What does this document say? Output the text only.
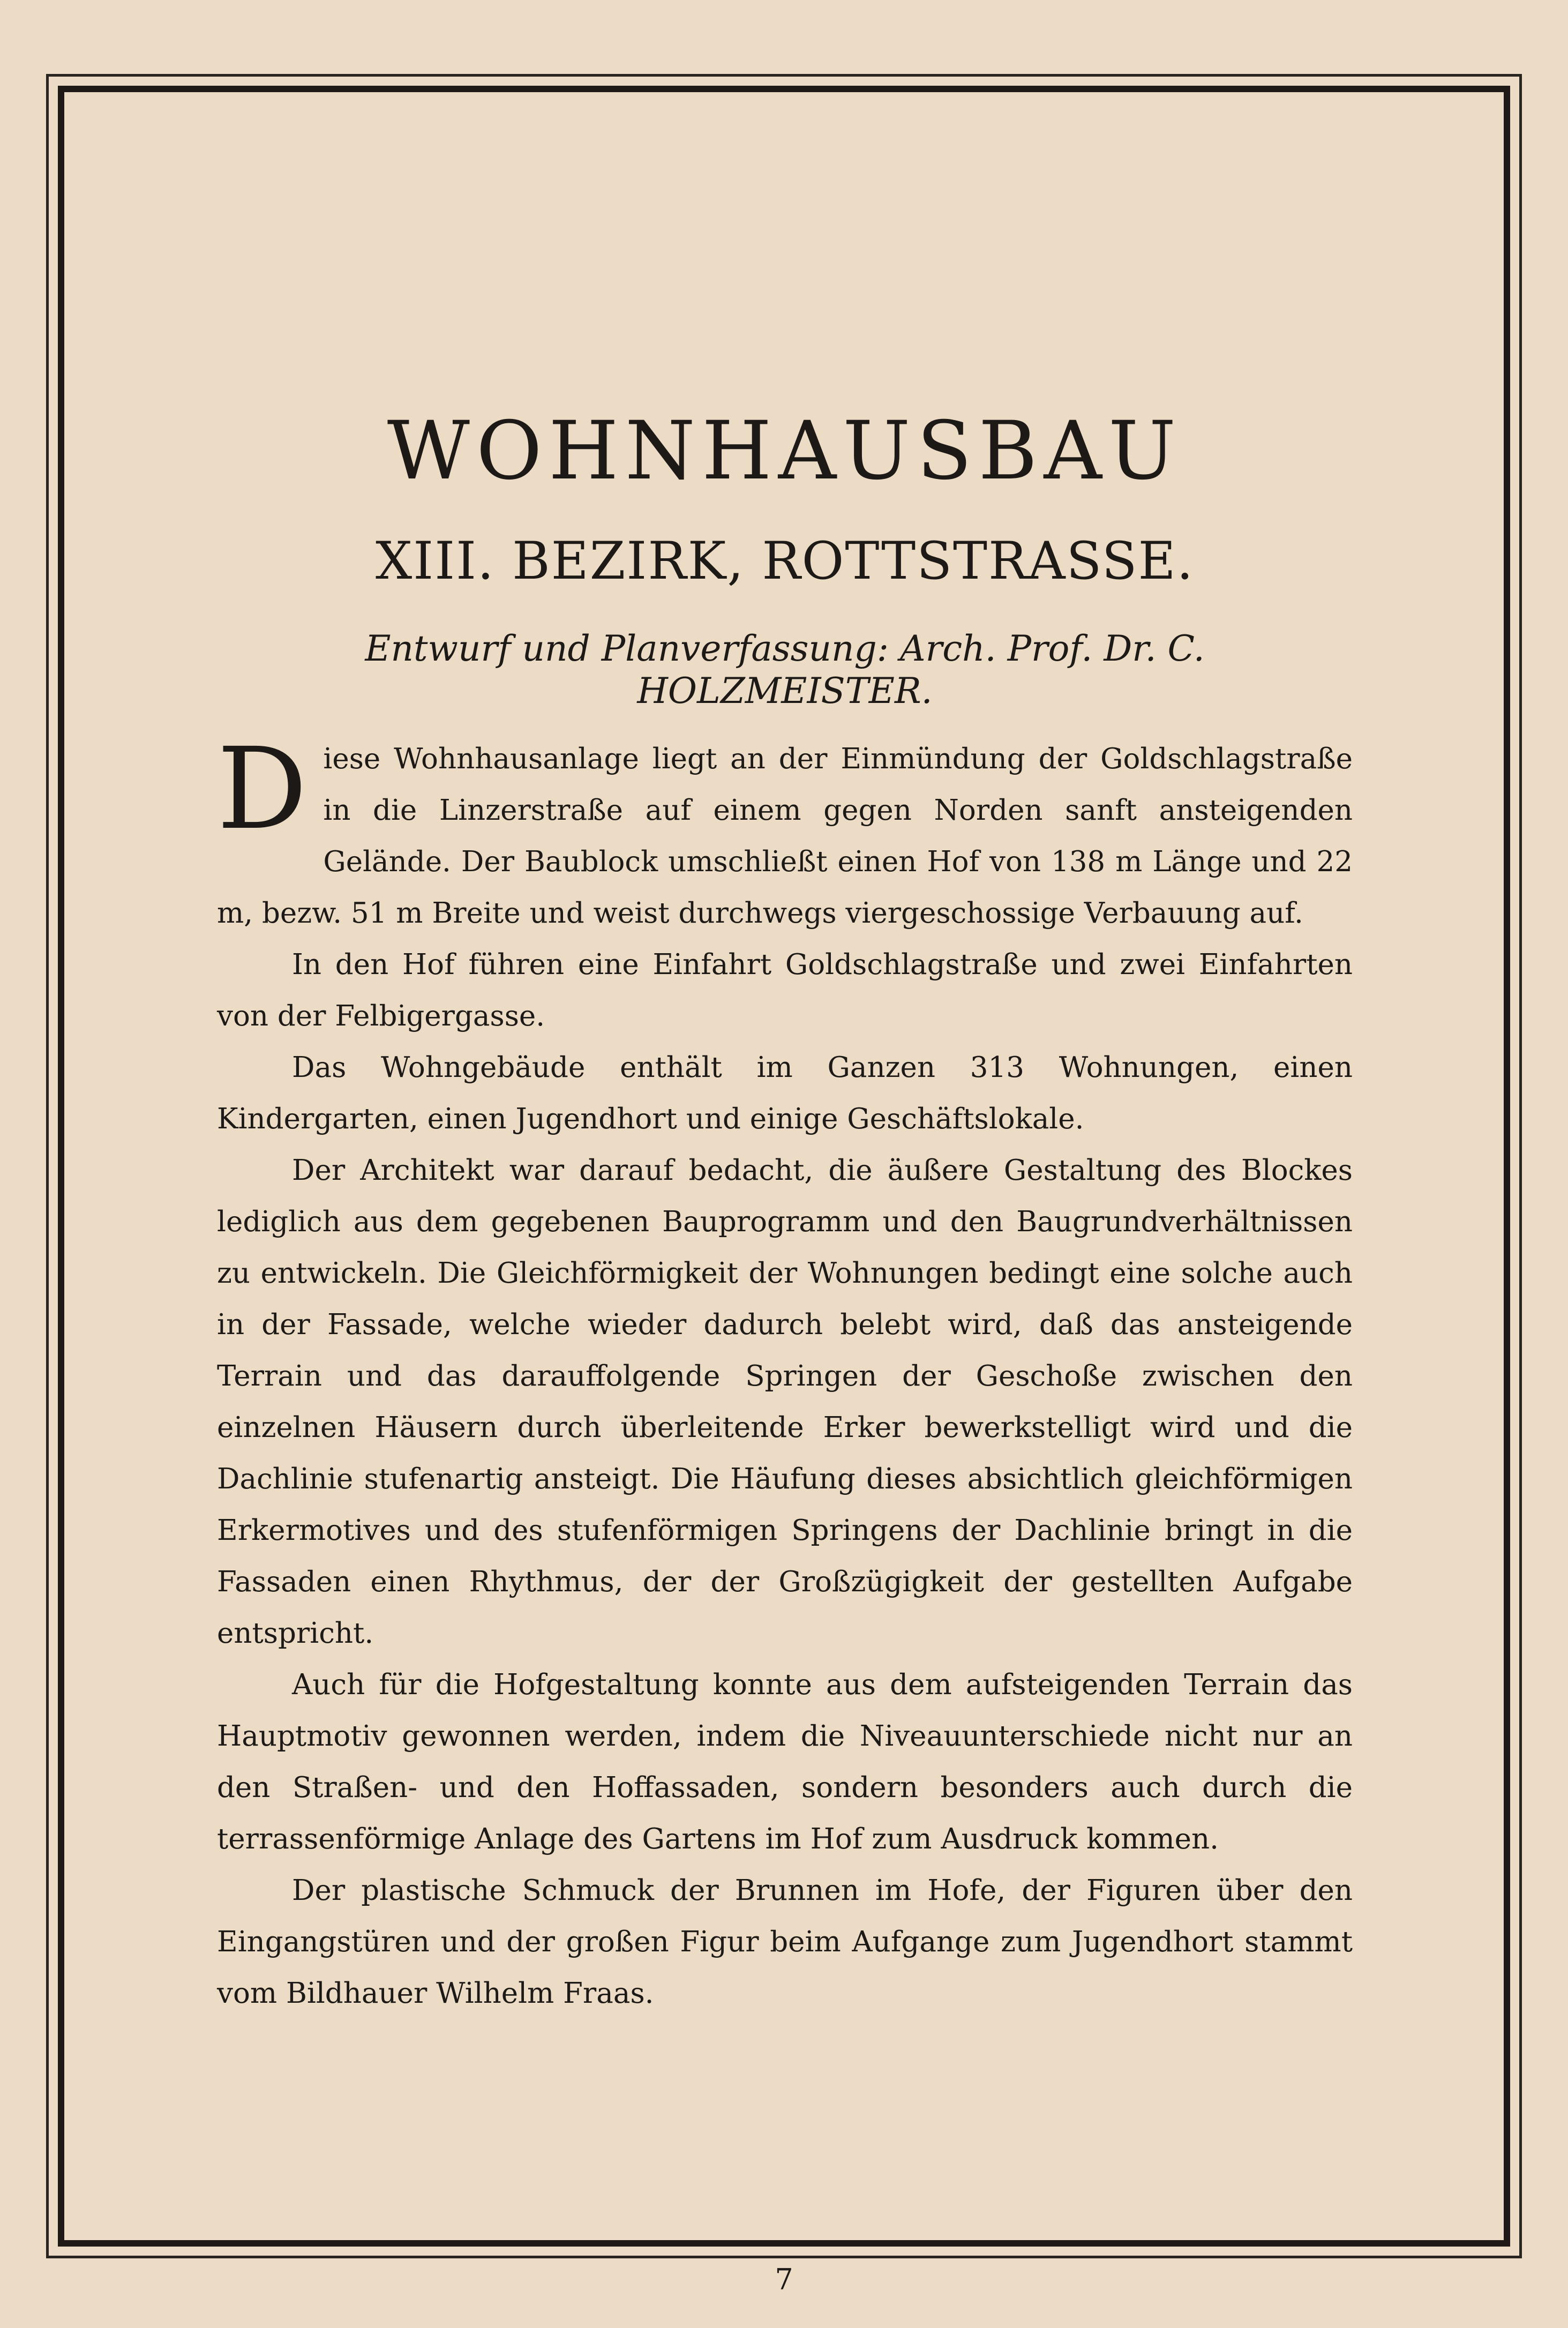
WOHNHAUSBAU
XIII. BEZIRK, ROTTSTRASSE.
Entwurf und Planverfassung: Arch. Prof. Dr. C. HOLZMEISTER.

Diese Wohnhausanlage liegt an der Einmündung der Goldschlagstraße in die Linzerstraße auf einem gegen Norden sanft ansteigenden Gelände. Der Baublock umschließt einen Hof von 138 m Länge und 22 m, bezw. 51 m Breite und weist durchwegs viergeschossige Verbauung auf.

In den Hof führen eine Einfahrt Goldschlagstraße und zwei Einfahrten von der Felbigergasse.

Das Wohngebäude enthält im Ganzen 313 Wohnungen, einen Kindergarten, einen Jugendhort und einige Geschäftslokale.

Der Architekt war darauf bedacht, die äußere Gestaltung des Blockes lediglich aus dem gegebenen Bauprogramm und den Baugrundverhältnissen zu entwickeln. Die Gleichförmigkeit der Wohnungen bedingt eine solche auch in der Fassade, welche wieder dadurch belebt wird, daß das ansteigende Terrain und das darauffolgende Springen der Geschoße zwischen den einzelnen Häusern durch überleitende Erker bewerkstelligt wird und die Dachlinie stufenartig ansteigt. Die Häufung dieses absichtlich gleichförmigen Erkermotives und des stufenförmigen Springens der Dachlinie bringt in die Fassaden einen Rhythmus, der der Großzügigkeit der gestellten Aufgabe entspricht.

Auch für die Hofgestaltung konnte aus dem aufsteigenden Terrain das Hauptmotiv gewonnen werden, indem die Niveauunterschiede nicht nur an den Straßen- und den Hoffassaden, sondern besonders auch durch die terrassenförmige Anlage des Gartens im Hof zum Ausdruck kommen.

Der plastische Schmuck der Brunnen im Hofe, der Figuren über den Eingangstüren und der großen Figur beim Aufgange zum Jugendhort stammt vom Bildhauer Wilhelm Fraas.

7
